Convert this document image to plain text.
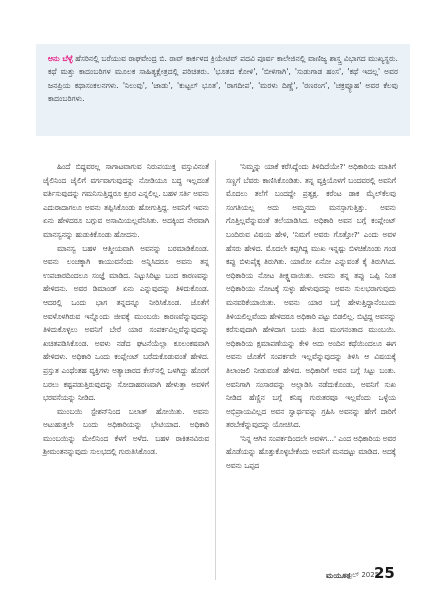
ಆನು ಬೆಳ್ಳೆ ಹೆಸರಿನಲ್ಲಿ ಬರೆಯುವ ರಾಘವೇಂದ್ರ ಬಿ. ರಾವ್ ಕಾರ್ಕಳದ ಕ್ರಿಯೇಟಿವ್ ಪದವಿ ಪೂರ್ವ ಕಾಲೇಜಿನಲ್ಲಿ ವಾಣಿಜ್ಯ ಶಾಸ್ತ್ರ ವಿಭಾಗದ ಮುಖ್ಯಸ್ಥರು. ಕಥೆ ಮತ್ತು ಕಾದಂಬರಿಗಳ ಮೂಲಕ ಸಾಹಿತ್ಯಕ್ಷೇತ್ರದಲ್ಲಿ ಪರಿಚಿತರು. 'ಭೂತದ ಕೋಳಿ', 'ಬೀಳಿಗಾಗಿ', 'ಸುಡುಗಾಡ ಹಂಸ', 'ಕಥೆ ಇದಲ್ಲ' ಅವರ ಜನಪ್ರಿಯ ಕಥಾಸಂಕಲನಗಳು. 'ನಿಲುವು', 'ಜಾಡು', 'ಕುಟ್ಟಲ್ ಭೂತ', 'ರಾಗದೀಪ', 'ಮರಳು ದಿಣ್ಣೆ', 'ರಣರಂಗ', 'ಚಕ್ರವ್ಯೂಹ' ಅವರ ಕೆಲವು ಕಾದಂಬರಿಗಳು.

ಹಿಂದೆ ಬಿದ್ದವರಲ್ಲ ಸಾಗಾಟವಾಗುವ ನಿರುಪಯುಕ್ತ ವಸ್ತುವಿನಂತೆ ಜೈಲಿನಿಂದ ಜೈಲಿಗೆ ವರ್ಗವಾಗುವುದನ್ನು ನೋಡಿಯೂ ಬದ್ಧ ಇಲ್ಲದಂತೆ ವರ್ತಿಸುವುದನ್ನು ಗಮನಿಸುತ್ತಿದ್ದರೂ ಕ್ರೂರ ಎನ್ನಲಿಲ್ಲ. ಬಹಳ ಸರ್ತಿ ಅವನು ಎದುರಾದಾಗಲೂ ಅವನು ತಪ್ಪಿಸಿಕೊಂಡು ಹೋಗುತ್ತಿದ್ದ. ಅವನಿಗೆ ಇವನು ಏನು ಹೇಳಿದರೂ ಬಗ್ಗುವ ಅಸಾಮಿಯಲ್ಲವೆನಿಸಿತು. ಅದಕ್ಕಿಂದ ನೇರವಾಗಿ ಮಾನಸ್ವನನ್ನು ಹುಡುಕಿಕೊಂಡು ಹೋದನು.

ಮಾನಸ್ವ ಬಹಳ ಆತ್ಮೀಯವಾಗಿ ಅವನನ್ನು ಬರಮಾಡಿಕೊಂಡ. ಅವನು ಲಂಚಕ್ಕಾಗಿ ಕಾಯುವನೆಂದು ಅನ್ನಿಸಿದರೂ ಅವನು ತನ್ನ ಉಪಚಾರದಿಂದಲೂ ಸಂಜ್ಞೆ ಮಾಡಿದ. ನಿಟ್ಟುಸಿರಿಟ್ಟು ಬಂದ ಕಾರಣವನ್ನು ಹೇಳಿದನು. ಅವರ ಡಿಮಾಂಡ್ ಏನು ಎನ್ನುವುದನ್ನು ತಿಳಿದುಕೊಂಡ. ಆದರಲ್ಲಿ ಒಂದು ಭಾಗ ತನ್ನದನ್ನೂ ನೀರಿಸಿಕೊಂಡ. ಜೊತೆಗೆ ಅವಳೊಳಗಿರುವ ಇನ್ನೊಂದು ಜೀವಕ್ಕೆ ಮುಂಬಯಿ ಕಾರಣವೆನ್ನುವುದನ್ನು ತಿಳಿದುಕೊಳ್ಳಲು ಅವನಿಗೆ ಬೇರೆ ಯಾರ ಸಂಪರ್ಕವಿಲ್ಲವೆನ್ನುವುದನ್ನು ಖಚಿತಪಡಿಸಿಕೊಂಡ. ಅವಳು ನಡೆದ ಘಟನೆಯೆಲ್ಲಾ ಕೂಲಂಕಷವಾಗಿ ಹೇಳಿದಳು. ಅಧಿಕಾರಿ ಒಂದು ಕಂಪ್ಲೇಂಟ್ ಬರೆದುಕೊಡುವಂತೆ ಹೇಳಿದ. ಪ್ರಸ್ತುತ ಎಂಥೆಂತಹ ವ್ಯಕ್ತಿಗಳು ಅತ್ಯಾಚಾರದ ಕೇಸ್‌ನಲ್ಲಿ ಒಳಗಿದ್ದು ಹೊರಗೆ ಬರಲು ಕಷ್ಟಪಡುತ್ತಿರುವುದನ್ನು ಸೋದಾಹರಣವಾಗಿ ಹೇಳುತ್ತಾ ಅವಳಿಗೆ ಭರವಸೆಯನ್ನು ನೀಡಿದ.

ಮುಂಬಯಿ ಸ್ಟೇಶನ್‌ನಿಂದ ಬಲಾತ್ ಹೋಯಿತು. ಅವನು ಅಟುಹುತ್ತಲೇ ಬಂದು ಅಧಿಕಾರಿಯನ್ನು ಭೇಟಿಯಾದ. ಅಧಿಕಾರಿ ಮುಂಬಯಿನ್ನು ಮೇಲಿನಿಂದ ಕೆಳಗೆ ಅಳೆದ. ಬಹಳ ರಾಕಿತನವಿರುವ ಶ್ರೀಮಂತನನ್ನುವುದು ಸುಲಭದಲ್ಲಿ ಗುರುತಿಸಿಕೊಂಡ.

'ನಿಮ್ಮನ್ನು ಯಾಕೆ ಕರೆಸಿದ್ದೆಂದು ತಿಳಿದಿದೆಯೇ?' ಅಧಿಕಾರಿಯ ಮಾತಿಗೆ ಸಣ್ಣಗೆ ಬೆವರು ಕಾಣಿಸಿಕೊಂಡಿತು. ತನ್ನ ವ್ಯಕ್ತಿಯೊಳಗೆ ಬಂದವರಲ್ಲಿ ಅವನಿಗೆ ಮೊದಲು ತಲೆಗೆ ಬಂದದ್ದೇ ಪ್ರತ್ಯಕ್ಷ. ಕರೆಂಟ ಡಾಕ ಮೈಲ್‌ಕೆಲವು ಸಂಗತಿಯಲ್ಲ ಅದು ಅಮ್ಮನದು ಮನಸ್ಸಾಗುತ್ತಿತ್ತು. ಅವನು ಗೊತ್ತಿಲ್ಲವೆನ್ನುವಂತೆ ತಲೆಯಾಡಿಸಿದ. ಅಧಿಕಾರಿ ಅವನ ಬಗ್ಗೆ ಕಂಪ್ಲೇಂಟ್ ಬಂದಿರುವ ವಿಷಯ ಹೇಳಿ, 'ನಿಮಗೆ ಅವರು ಗೊತ್ತೋ?' ಎಂದು ಅವಳ ಹೆಸರು ಹೇಳಿದ. ಮೊದಲೇ ಕಪ್ಪಗಿದ್ದ ಮುಖ ಇನ್ನಷ್ಟು ಬಿಳಚಿಕೊಂಡು ಗಂಡ ಕಪ್ಪು ಬಿಳುಪೈಕ್ಕ ತಿರುಗಿತು. ಯಾರೋ ಏನೋ ಎನ್ನುವಂತೆ ಕೈ ತಿರುಗಿಸಿದ. ಅಧಿಕಾರಿಯ ನೋಟ ತೀಕ್ಷ್ಣವಾಯಿತು. ಅವನು ತನ್ನ ತಪ್ಪು ಒಪ್ಪಿ ನಿಂತ ಅಧಿಕಾರಿಯು ನೋಟಕ್ಕೆ ಸುಳ್ಳು ಹೇಳುವುದನ್ನು ಅವನು ಸುಲಭರಾಗುವುದು ಮನವರಿಕೆಯಾಯಿತು. ಅವನು ಯಾರ ಬಗ್ಗೆ ಹೇಳುತ್ತಿದ್ದಾನೆಂಬುದು ತಿಳಿಯಲಿಲ್ಲವೆಂದು ಹೇಳಿದರೂ ಅಧಿಕಾರಿ ಪಟ್ಟು ಬಿಡಲಿಲ್ಲ. ಬಿಟ್ಟಿದ್ದ ಅವನನ್ನು ಕರೆಸುವುದಾಗಿ ಹೇಳಿದಾಗ ಬಂದು ತಿಂದ ಮಂಗನಂತಾದ ಮುಂಬಯಿ. ಅಧಿಕಾರಿಯ ಕ್ಷಮಾಪಣೆಯನ್ನು ಕೇಳಿ ಅದು ಅಂದಿನ ಕಥೆಯಿಂದಲೂ ಈಗ ಅವನು ಜೊತೆಗೆ ಸಂಪರ್ಕವೇ ಇಲ್ಲವೆನ್ನುವುದನ್ನು ತಿಳಿಸಿ ಆ ವಿಷಯಕ್ಕೆ ತಿಲಾಂಜಲಿ ನೀಡುವಂತೆ ಹೇಳಿದ. ಅಧಿಕಾರಿಗೆ ಅವನ ಬಗ್ಗೆ ಸಿಟ್ಟು ಬಂತು. ಅವನಿಗಾಗಿ ಸಂಸಾರವನ್ನು ಅಲ್ಲಾಡಿಸಿ ನಡೆದುಕೊಂಡು, ಅವನಿಗೆ ಸುಖ ನೀಡಿದ ಹೆಣ್ಣಿನ ಬಗ್ಗೆ ಕನಿಷ್ಠ ಗುರುತರವೂ ಇಲ್ಲವೆಂದು ಒಳ್ಳೆಯ ಅಭಿಪ್ರಾಯವಿಲ್ಲದ ಅವನ ಸ್ವಾರ್ಥವನ್ನು ಗ್ರಹಿಸಿ ಅವನನ್ನು ಹೇಗೆ ದಾರಿಗೆ ತರಬೇಕೆನ್ನುವುದನ್ನು ಯೋಚಿಸಿದ.

'ನಿನ್ನ ಆಗಿನ ಸಂಪರ್ಕದಿಂದಲೇ ಅವಳಿಗ...' ಎಂದ ಅಧಿಕಾರಿಯ ಅವರ ಹೊಡೆಯನ್ನು ಹೊತ್ತುಕೊಳ್ಳಬೇಕೆಂದು ಅವನಿಗೆ ಮನದಟ್ಟು ಮಾಡಿದ. ಅದಕ್ಕೆ ಅವನು ಒಪ್ಪದ

ಮಯೂರ
ಏಪ್ರಿಲ್ 2025
25
